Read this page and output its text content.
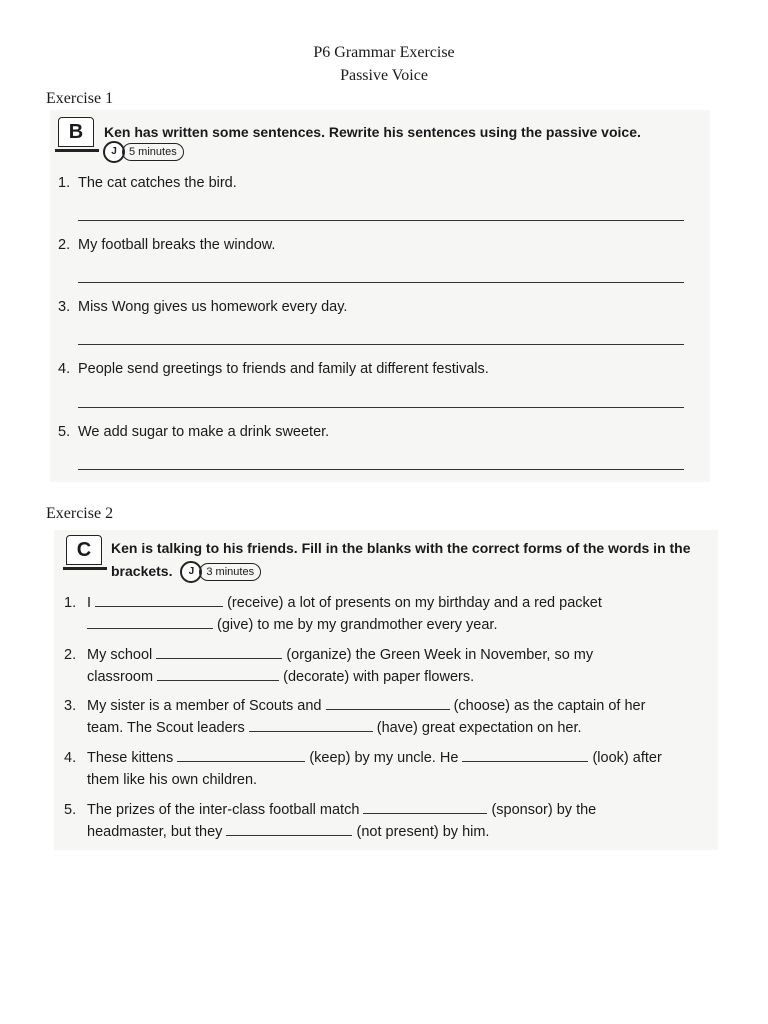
P6 Grammar Exercise
Passive Voice
Exercise 1
B	Ken has written some sentences. Rewrite his sentences using the passive voice.
J	5 minutes
1. The cat catches the bird.
2. My football breaks the window.
3. Miss Wong gives us homework every day.
4. People send greetings to friends and family at different festivals.
5. We add sugar to make a drink sweeter.
Exercise 2
C	Ken is talking to his friends. Fill in the blanks with the correct forms of the words in the
brackets.	J	3 minutes
1. I	(receive) a lot of presents on my birthday and a red packet
(give) to me by my grandmother every year.
2. My school	(organize) the Green Week in November, so my
classroom	(decorate) with paper flowers.
3. My sister is a member of Scouts and	(choose) as the captain of her
team. The Scout leaders	(have) great expectation on her.
4. These kittens	(keep) by my uncle. He	(look) after
them like his own children.
5. The prizes of the inter-class football match	(sponsor) by the
headmaster, but they	(not present) by him.
